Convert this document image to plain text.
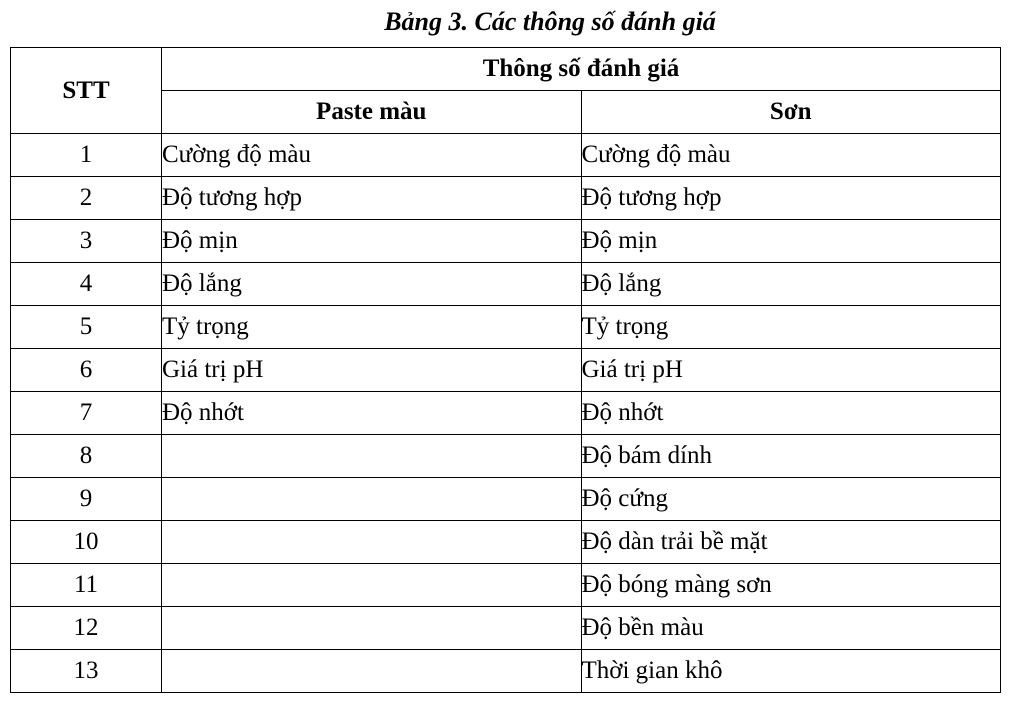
Bảng 3. Các thông số đánh giá
STT	Thông số đánh giá	
	Paste màu	Sơn
1	Cường độ màu	Cường độ màu
2	Độ tương hợp	Độ tương hợp
3	Độ mịn	Độ mịn
4	Độ lắng	Độ lắng
5	Tỷ trọng	Tỷ trọng
6	Giá trị pH	Giá trị pH
7	Độ nhớt	Độ nhớt
8		Độ bám dính
9		Độ cứng
10		Độ dàn trải bề mặt
11		Độ bóng màng sơn
12		Độ bền màu
13		Thời gian khô
